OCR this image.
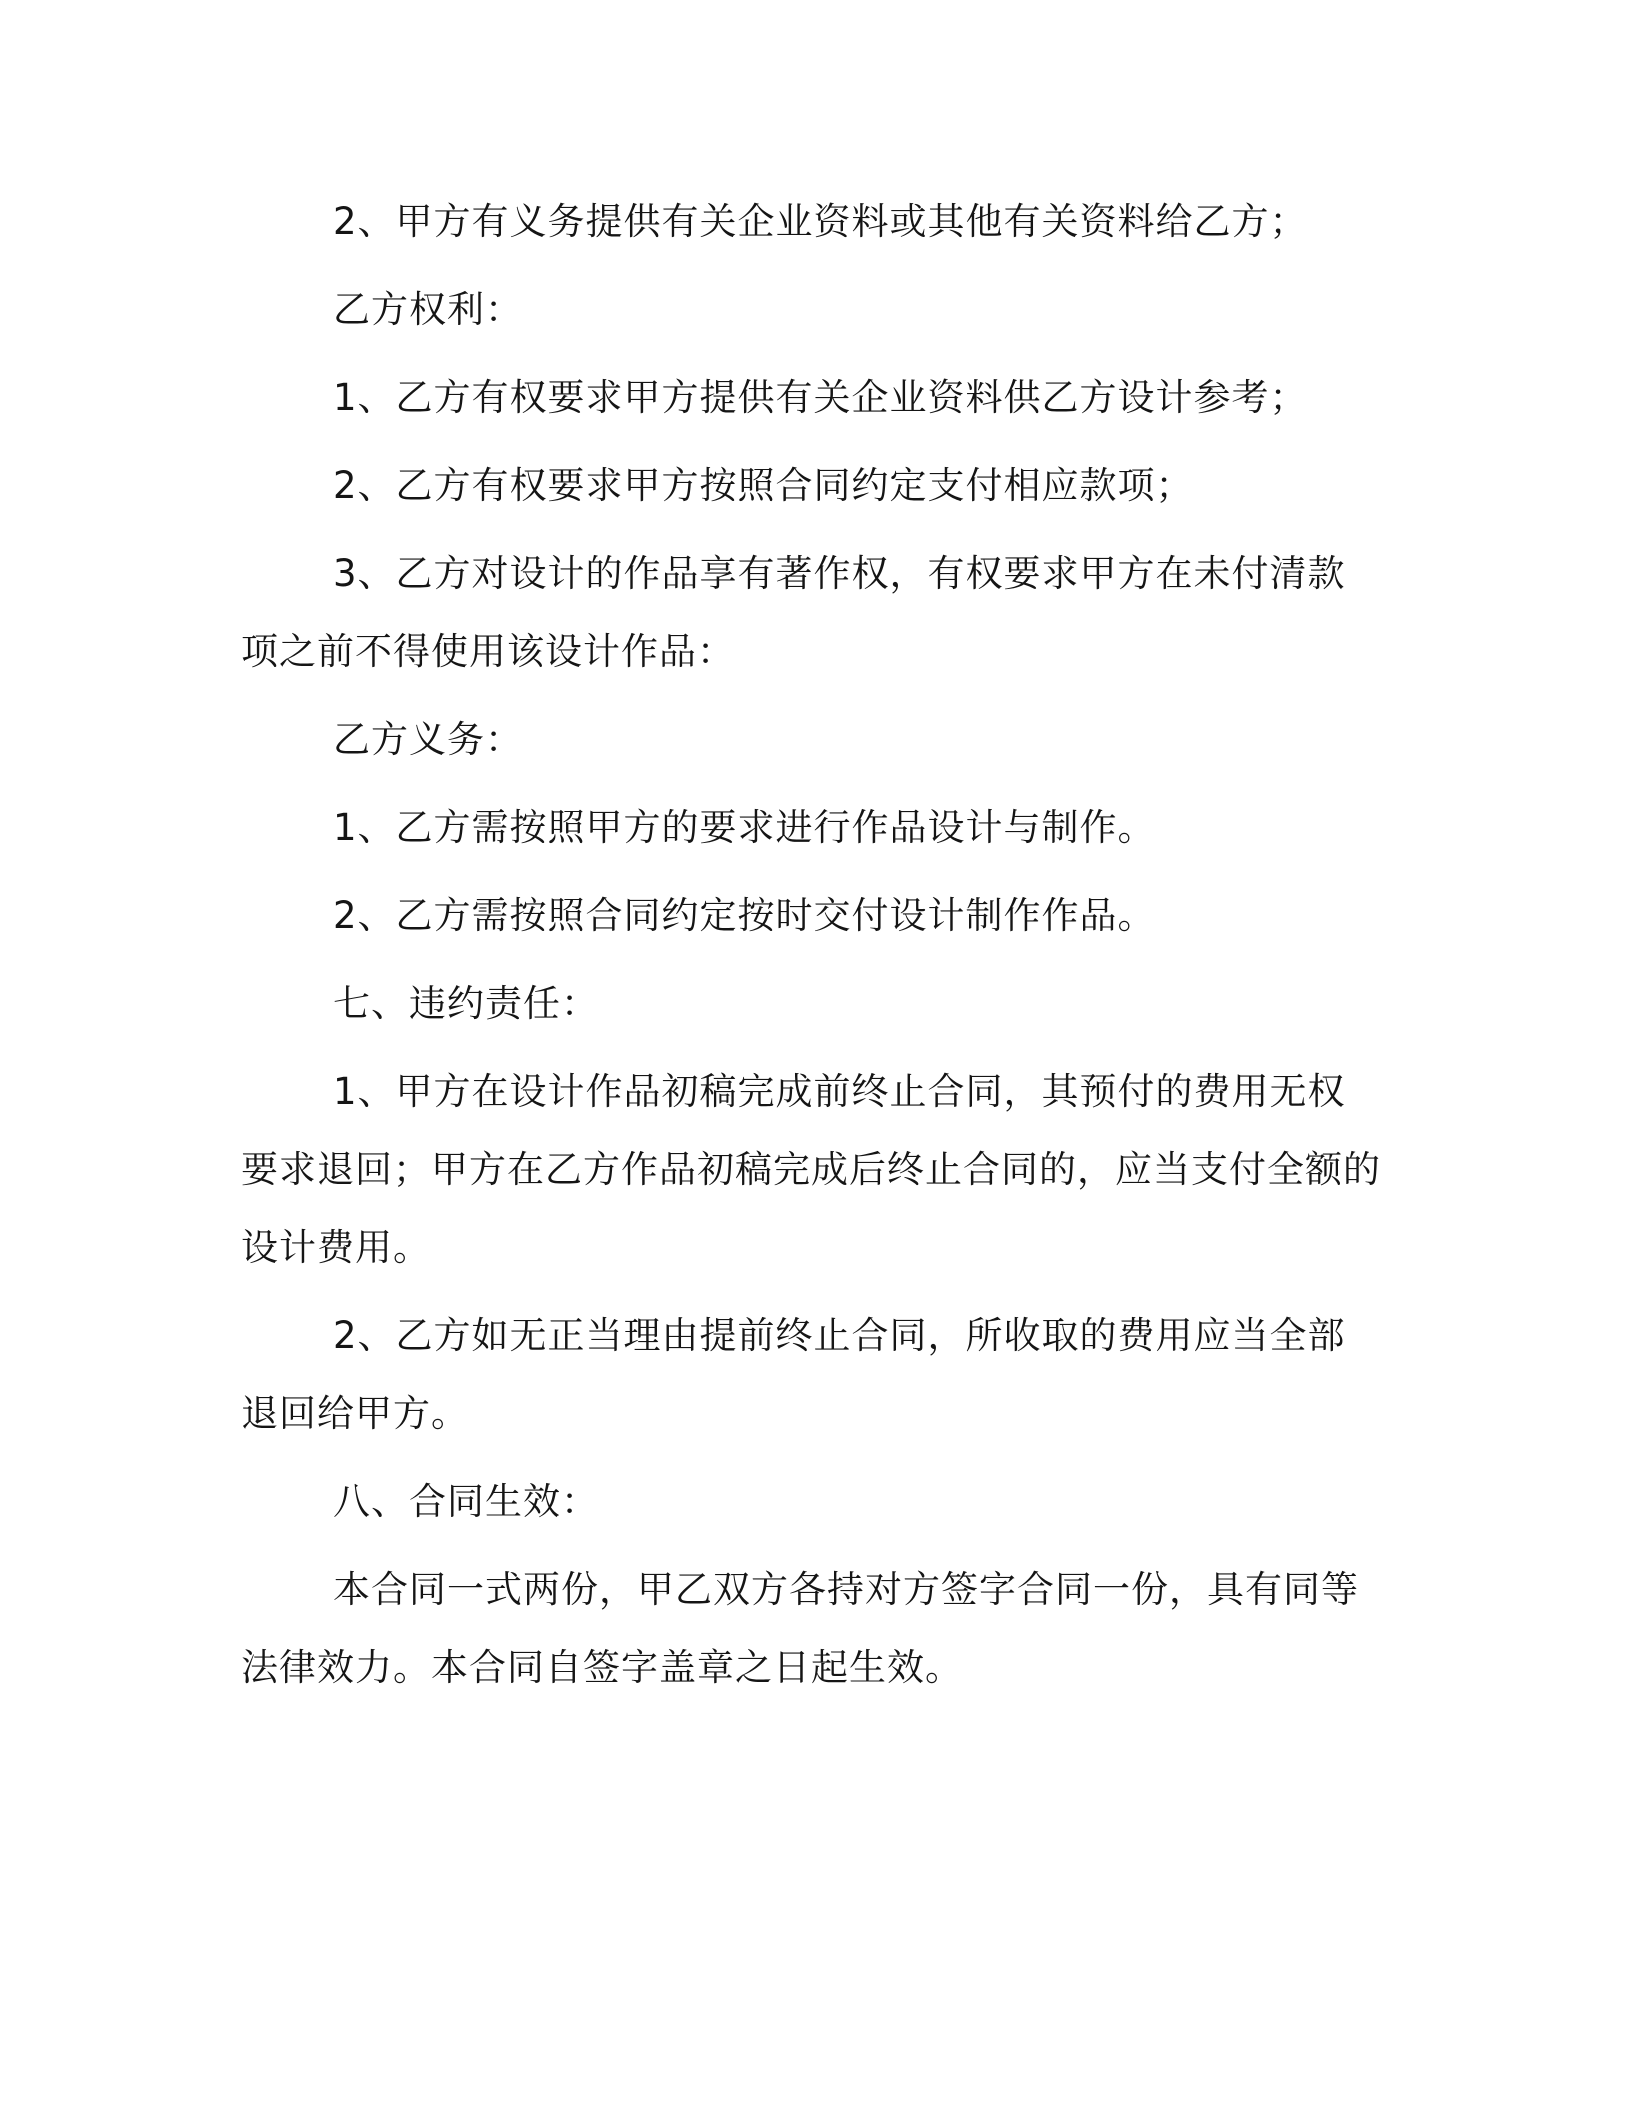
2、甲方有义务提供有关企业资料或其他有关资料给乙方；

乙方权利：

1、乙方有权要求甲方提供有关企业资料供乙方设计参考；

2、乙方有权要求甲方按照合同约定支付相应款项；

3、乙方对设计的作品享有著作权，有权要求甲方在未付清款项之前不得使用该设计作品：

乙方义务：

1、乙方需按照甲方的要求进行作品设计与制作。

2、乙方需按照合同约定按时交付设计制作作品。

七、违约责任：

1、甲方在设计作品初稿完成前终止合同，其预付的费用无权要求退回；甲方在乙方作品初稿完成后终止合同的，应当支付全额的设计费用。

2、乙方如无正当理由提前终止合同，所收取的费用应当全部退回给甲方。

八、合同生效：

本合同一式两份，甲乙双方各持对方签字合同一份，具有同等法律效力。本合同自签字盖章之日起生效。
